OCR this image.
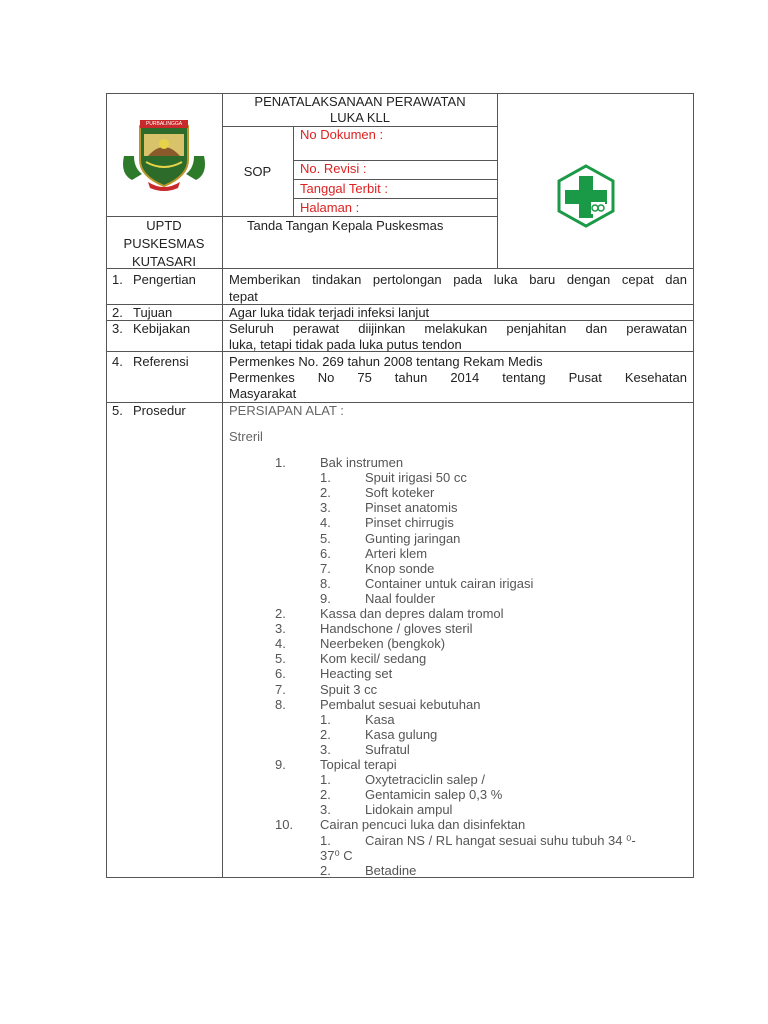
PURBALINGGA
PENATALAKSANAAN PERAWATAN
LUKA KLL
SOP
No Dokumen :
No. Revisi :
Tanggal Terbit :
Halaman :
UPTD
PUSKESMAS
KUTASARI
Tanda Tangan Kepala Puskesmas
1. Pengertian	Memberikan tindakan pertolongan pada luka baru dengan cepat dan
tepat
2. Tujuan	Agar luka tidak terjadi infeksi lanjut
3. Kebijakan	Seluruh perawat diijinkan melakukan penjahitan dan perawatan
luka, tetapi tidak pada luka putus tendon
4. Referensi	Permenkes No. 269 tahun 2008 tentang Rekam Medis
Permenkes No 75 tahun 2014 tentang Pusat Kesehatan
Masyarakat
5. Prosedur	PERSIAPAN ALAT :
Streril
1.	Bak instrumen
1.	Spuit irigasi 50 cc
2.	Soft koteker
3.	Pinset anatomis
4.	Pinset chirrugis
5.	Gunting jaringan
6.	Arteri klem
7.	Knop sonde
8.	Container untuk cairan irigasi
9.	Naal foulder
2.	Kassa dan depres dalam tromol
3.	Handschone / gloves steril
4.	Neerbeken (bengkok)
5.	Kom kecil/ sedang
6.	Heacting set
7.	Spuit 3 cc
8.	Pembalut sesuai kebutuhan
1.	Kasa
2.	Kasa gulung
3.	Sufratul
9.	Topical terapi
1.	Oxytetraciclin salep /
2.	Gentamicin salep 0,3 %
3.	Lidokain ampul
10. Cairan pencuci luka dan disinfektan
1.	Cairan NS / RL hangat sesuai suhu tubuh 34 ⁰-
37⁰ C
2.	Betadine
